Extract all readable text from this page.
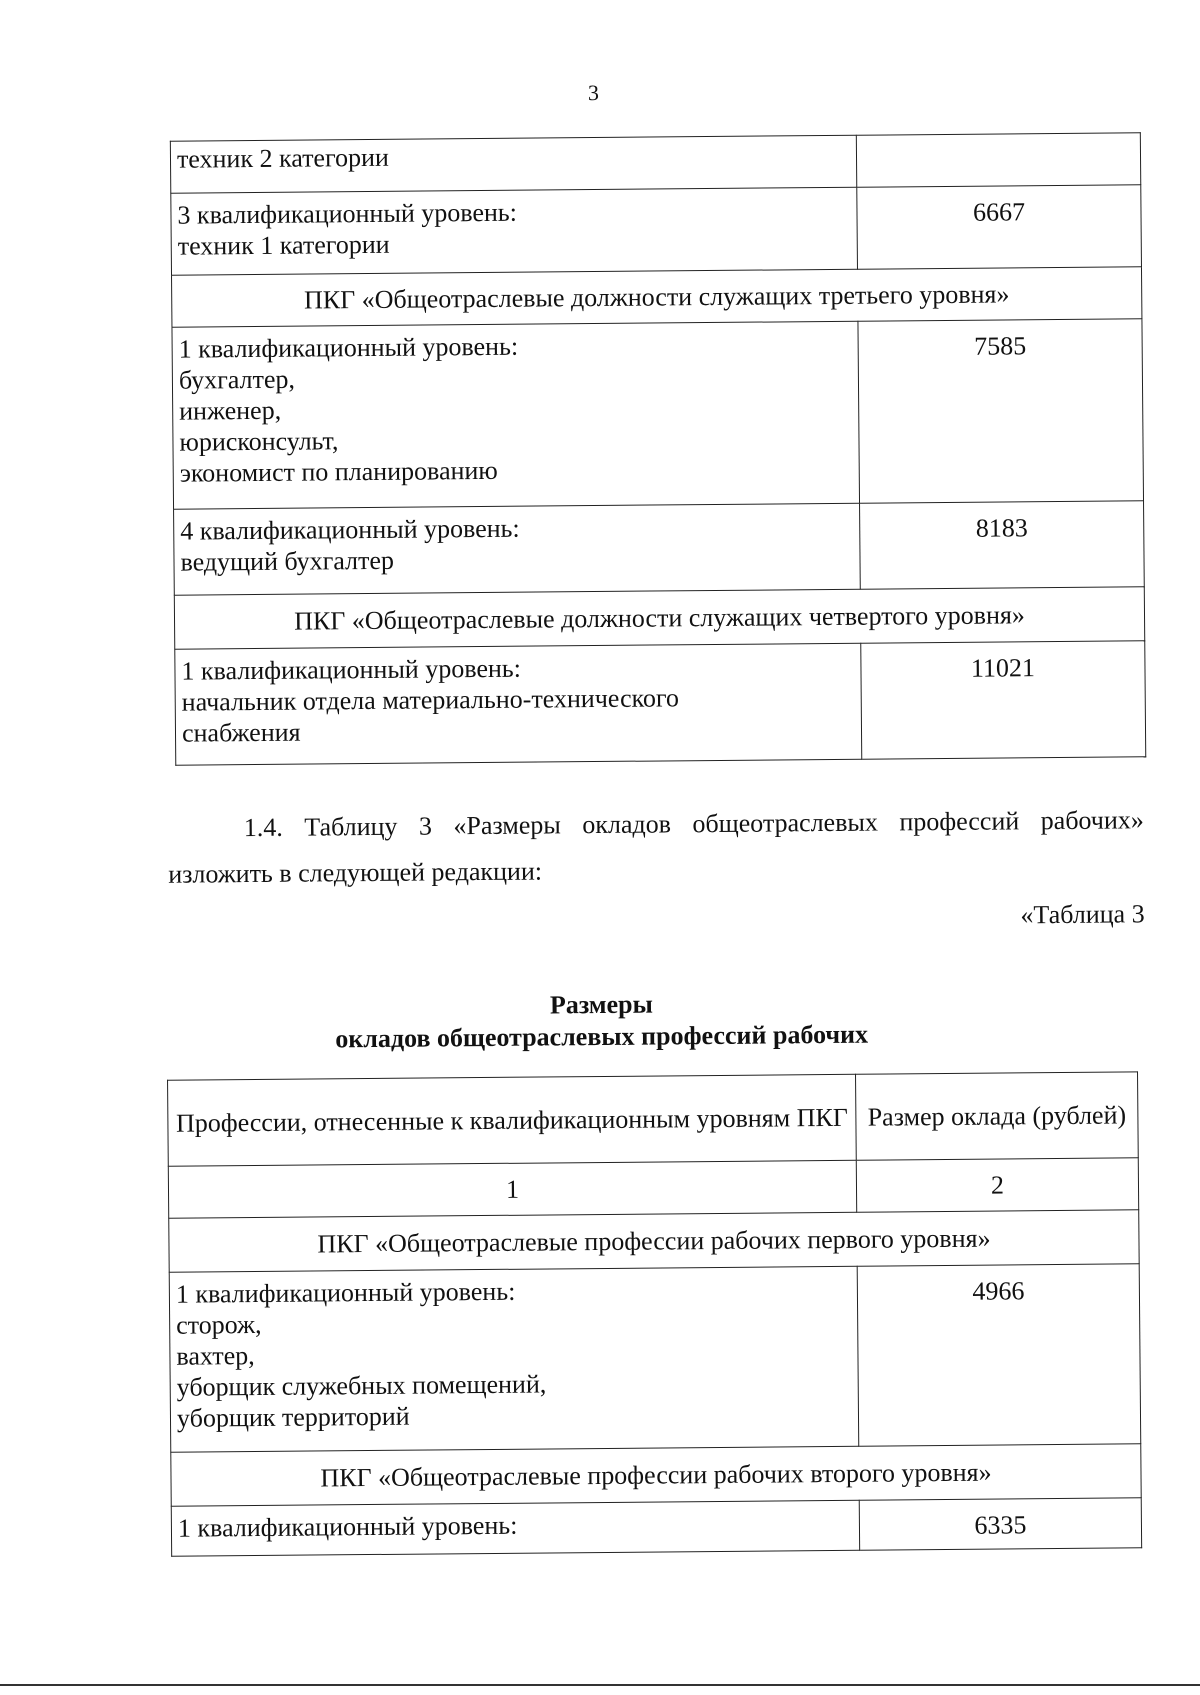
3
техник 2 категории	

3 квалификационный уровень:
техник 1 категории	6667
ПКГ «Общеотраслевые должности служащих третьего уровня»	

1 квалификационный уровень:
бухгалтер,
инженер,
юрисконсульт,
экономист по планированию	7585

4 квалификационный уровень:
ведущий бухгалтер	8183
ПКГ «Общеотраслевые должности служащих четвертого уровня»	

1 квалификационный уровень:
начальник отдела материально-технического
снабжения	11021
1.4. Таблицу 3 «Размеры окладов общеотраслевых профессий рабочих»
изложить в следующей редакции:
«Таблица 3
Размеры
окладов общеотраслевых профессий рабочих
Профессии, отнесенные к квалификационным уровням ПКГ	Размер оклада (рублей)
1	2
ПКГ «Общеотраслевые профессии рабочих первого уровня»	

1 квалификационный уровень:
сторож,
вахтер,
уборщик служебных помещений,
уборщик территорий	4966
ПКГ «Общеотраслевые профессии рабочих второго уровня»	

1 квалификационный уровень:	6335
